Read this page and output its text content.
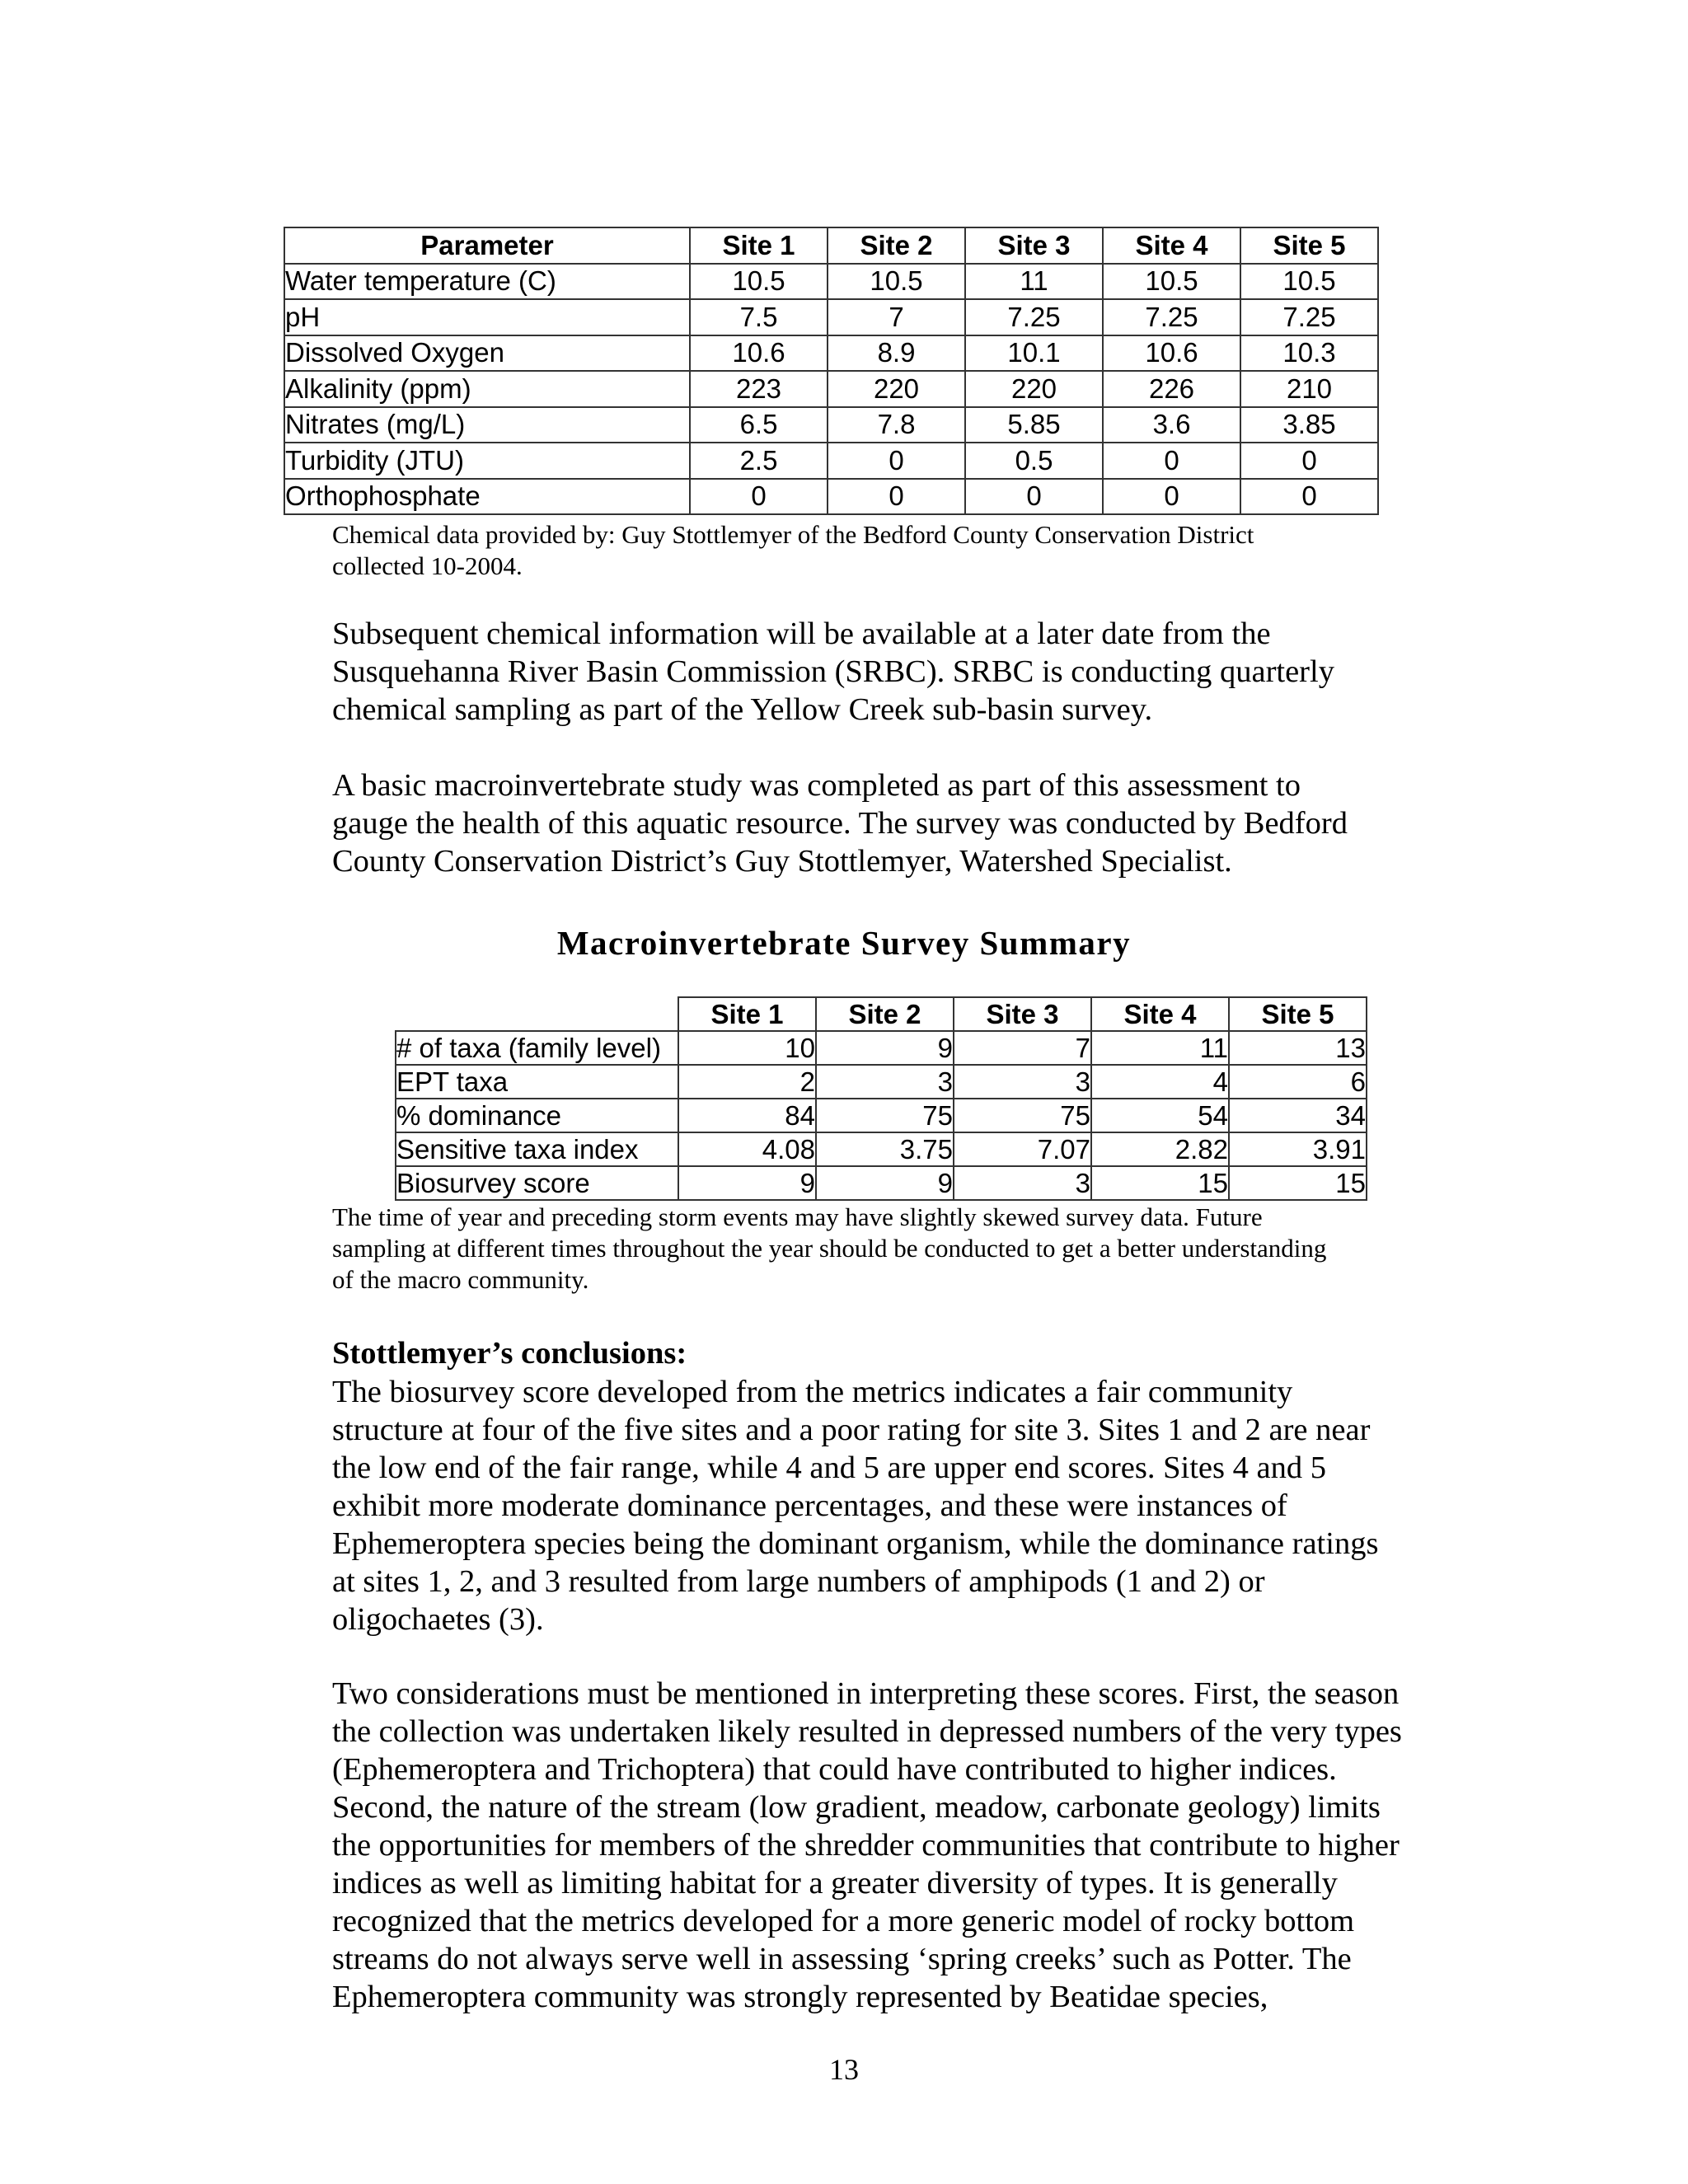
Parameter	Site 1	Site 2	Site 3	Site 4	Site 5
Water temperature (C)	10.5	10.5	11	10.5	10.5
pH	7.5	7	7.25	7.25	7.25
Dissolved Oxygen	10.6	8.9	10.1	10.6	10.3
Alkalinity (ppm)	223	220	220	226	210
Nitrates (mg/L)	6.5	7.8	5.85	3.6	3.85
Turbidity (JTU)	2.5	0	0.5	0	0
Orthophosphate	0	0	0	0	0
Chemical data provided by: Guy Stottlemyer of the Bedford County Conservation District
collected 10-2004.
Subsequent chemical information will be available at a later date from the
Susquehanna River Basin Commission (SRBC). SRBC is conducting quarterly
chemical sampling as part of the Yellow Creek sub-basin survey.
A basic macroinvertebrate study was completed as part of this assessment to
gauge the health of this aquatic resource. The survey was conducted by Bedford
County Conservation District’s Guy Stottlemyer, Watershed Specialist.
Macroinvertebrate Survey Summary
	Site 1	Site 2	Site 3	Site 4	Site 5
# of taxa (family level)	10	9	7	11	13
EPT taxa	2	3	3	4	6
% dominance	84	75	75	54	34
Sensitive taxa index	4.08	3.75	7.07	2.82	3.91
Biosurvey score	9	9	3	15	15
The time of year and preceding storm events may have slightly skewed survey data. Future
sampling at different times throughout the year should be conducted to get a better understanding
of the macro community.
Stottlemyer’s conclusions:
The biosurvey score developed from the metrics indicates a fair community
structure at four of the five sites and a poor rating for site 3. Sites 1 and 2 are near
the low end of the fair range, while 4 and 5 are upper end scores. Sites 4 and 5
exhibit more moderate dominance percentages, and these were instances of
Ephemeroptera species being the dominant organism, while the dominance ratings
at sites 1, 2, and 3 resulted from large numbers of amphipods (1 and 2) or
oligochaetes (3).
Two considerations must be mentioned in interpreting these scores. First, the season
the collection was undertaken likely resulted in depressed numbers of the very types
(Ephemeroptera and Trichoptera) that could have contributed to higher indices.
Second, the nature of the stream (low gradient, meadow, carbonate geology) limits
the opportunities for members of the shredder communities that contribute to higher
indices as well as limiting habitat for a greater diversity of types. It is generally
recognized that the metrics developed for a more generic model of rocky bottom
streams do not always serve well in assessing ‘spring creeks’ such as Potter. The
Ephemeroptera community was strongly represented by Beatidae species,
13
